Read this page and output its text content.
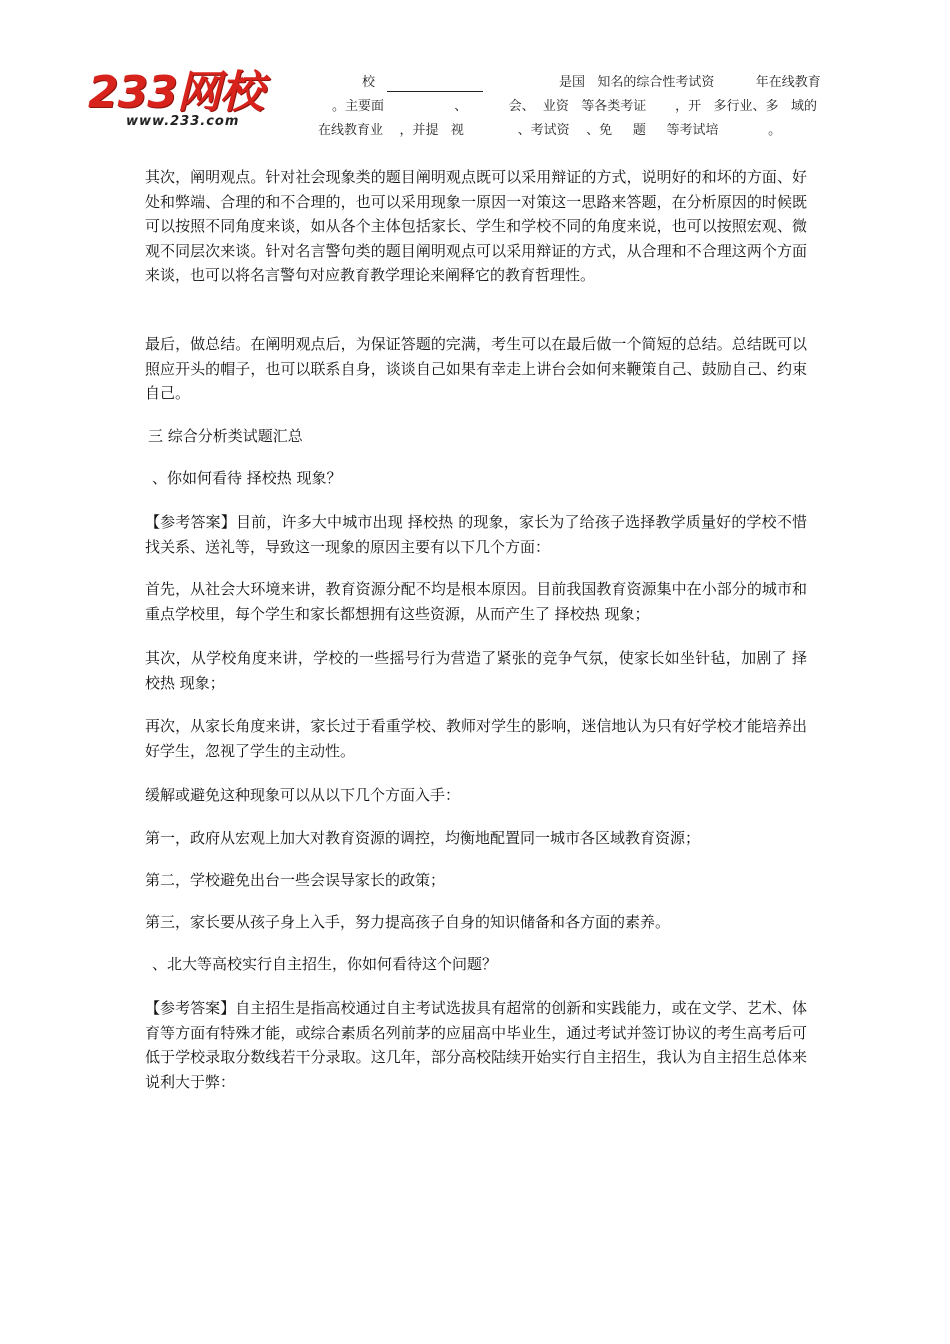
233网校
www.233.com
校	是国   知名的综合性考试资          年在线教育
。主要面                 、          会、  业资   等各类考证       ，开   多行业、多   域的
在线教育业    ，并提   视             、考试资    、免     题     等考试培            。

其次，阐明观点。针对社会现象类的题目阐明观点既可以采用辩证的方式，说明好的和坏的方面、好处和弊端、合理的和不合理的，也可以采用现象一原因一对策这一思路来答题，在分析原因的时候既可以按照不同角度来谈，如从各个主体包括家长、学生和学校不同的角度来说，也可以按照宏观、微观不同层次来谈。针对名言警句类的题目阐明观点可以采用辩证的方式，从合理和不合理这两个方面来谈，也可以将名言警句对应教育教学理论来阐释它的教育哲理性。

最后，做总结。在阐明观点后，为保证答题的完满，考生可以在最后做一个简短的总结。总结既可以照应开头的帽子，也可以联系自身，谈谈自己如果有幸走上讲台会如何来鞭策自己、鼓励自己、约束自己。

三 综合分析类试题汇总

、你如何看待 择校热 现象？

【参考答案】目前，许多大中城市出现 择校热 的现象，家长为了给孩子选择教学质量好的学校不惜找关系、送礼等，导致这一现象的原因主要有以下几个方面：

首先，从社会大环境来讲，教育资源分配不均是根本原因。目前我国教育资源集中在小部分的城市和重点学校里，每个学生和家长都想拥有这些资源，从而产生了 择校热 现象；

其次，从学校角度来讲，学校的一些摇号行为营造了紧张的竞争气氛，使家长如坐针毡，加剧了 择校热 现象；

再次，从家长角度来讲，家长过于看重学校、教师对学生的影响，迷信地认为只有好学校才能培养出好学生，忽视了学生的主动性。

缓解或避免这种现象可以从以下几个方面入手：

第一，政府从宏观上加大对教育资源的调控，均衡地配置同一城市各区域教育资源；

第二，学校避免出台一些会误导家长的政策；

第三，家长要从孩子身上入手，努力提高孩子自身的知识储备和各方面的素养。

、北大等高校实行自主招生，你如何看待这个问题？

【参考答案】自主招生是指高校通过自主考试选拔具有超常的创新和实践能力，或在文学、艺术、体育等方面有特殊才能，或综合素质名列前茅的应届高中毕业生，通过考试并签订协议的考生高考后可低于学校录取分数线若干分录取。这几年，部分高校陆续开始实行自主招生，我认为自主招生总体来说利大于弊：
